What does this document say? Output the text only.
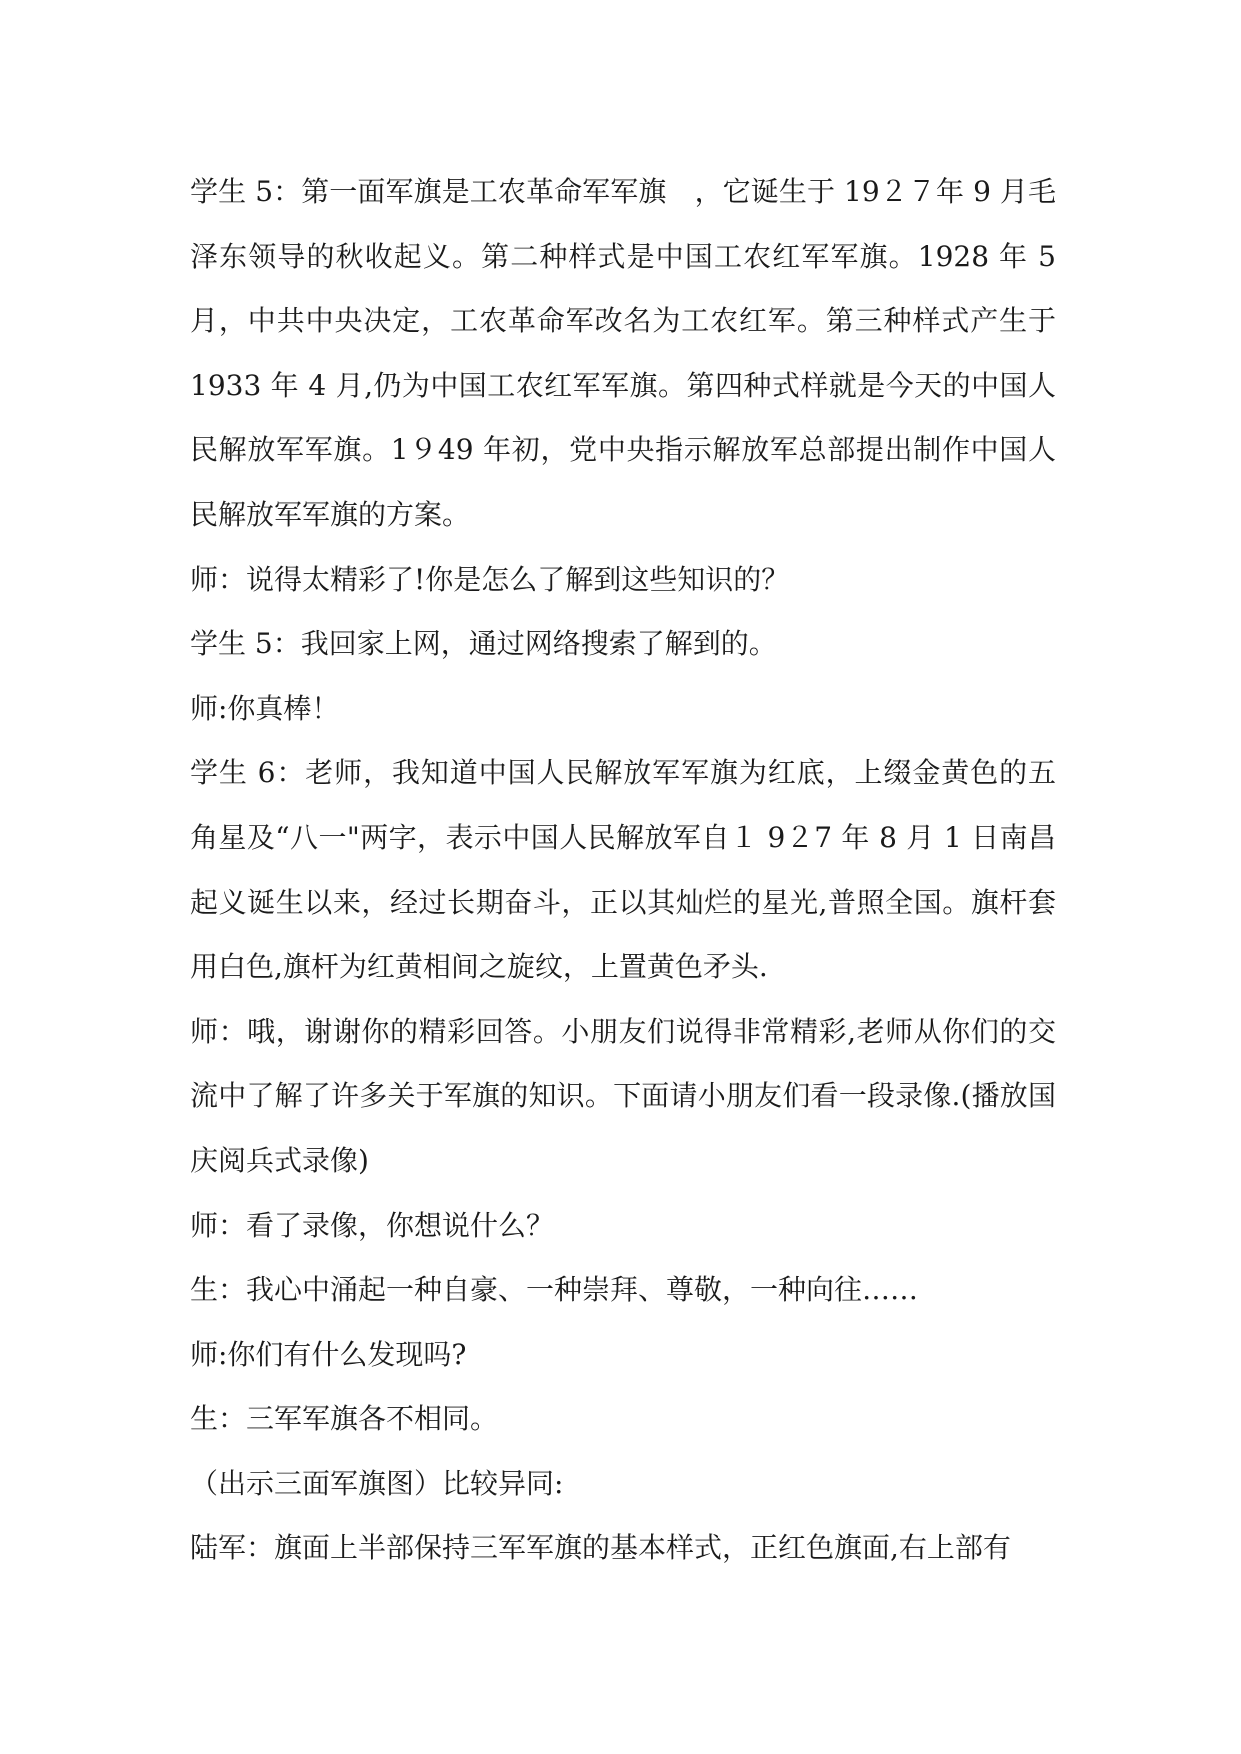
学生 5：第一面军旗是工农革命军军旗　，它诞生于 19２７年 9 月毛泽东领导的秋收起义。第二种样式是中国工农红军军旗。1928 年 5 月，中共中央决定，工农革命军改名为工农红军。第三种样式产生于 1933 年 4 月,仍为中国工农红军军旗。第四种式样就是今天的中国人民解放军军旗。1９49 年初，党中央指示解放军总部提出制作中国人民解放军军旗的方案。

师：说得太精彩了!你是怎么了解到这些知识的？

学生 5：我回家上网，通过网络搜索了解到的。

师:你真棒！

学生 6：老师，我知道中国人民解放军军旗为红底，上缀金黄色的五角星及“八一"两字，表示中国人民解放军自１ 9２7 年 8 月 1 日南昌起义诞生以来，经过长期奋斗，正以其灿烂的星光,普照全国。旗杆套用白色,旗杆为红黄相间之旋纹，上置黄色矛头.

师：哦，谢谢你的精彩回答。小朋友们说得非常精彩,老师从你们的交流中了解了许多关于军旗的知识。下面请小朋友们看一段录像.(播放国庆阅兵式录像)

师：看了录像，你想说什么？

生：我心中涌起一种自豪、一种崇拜、尊敬，一种向往……

师:你们有什么发现吗?

生：三军军旗各不相同。

（出示三面军旗图）比较异同:

陆军：旗面上半部保持三军军旗的基本样式，正红色旗面,右上部有
